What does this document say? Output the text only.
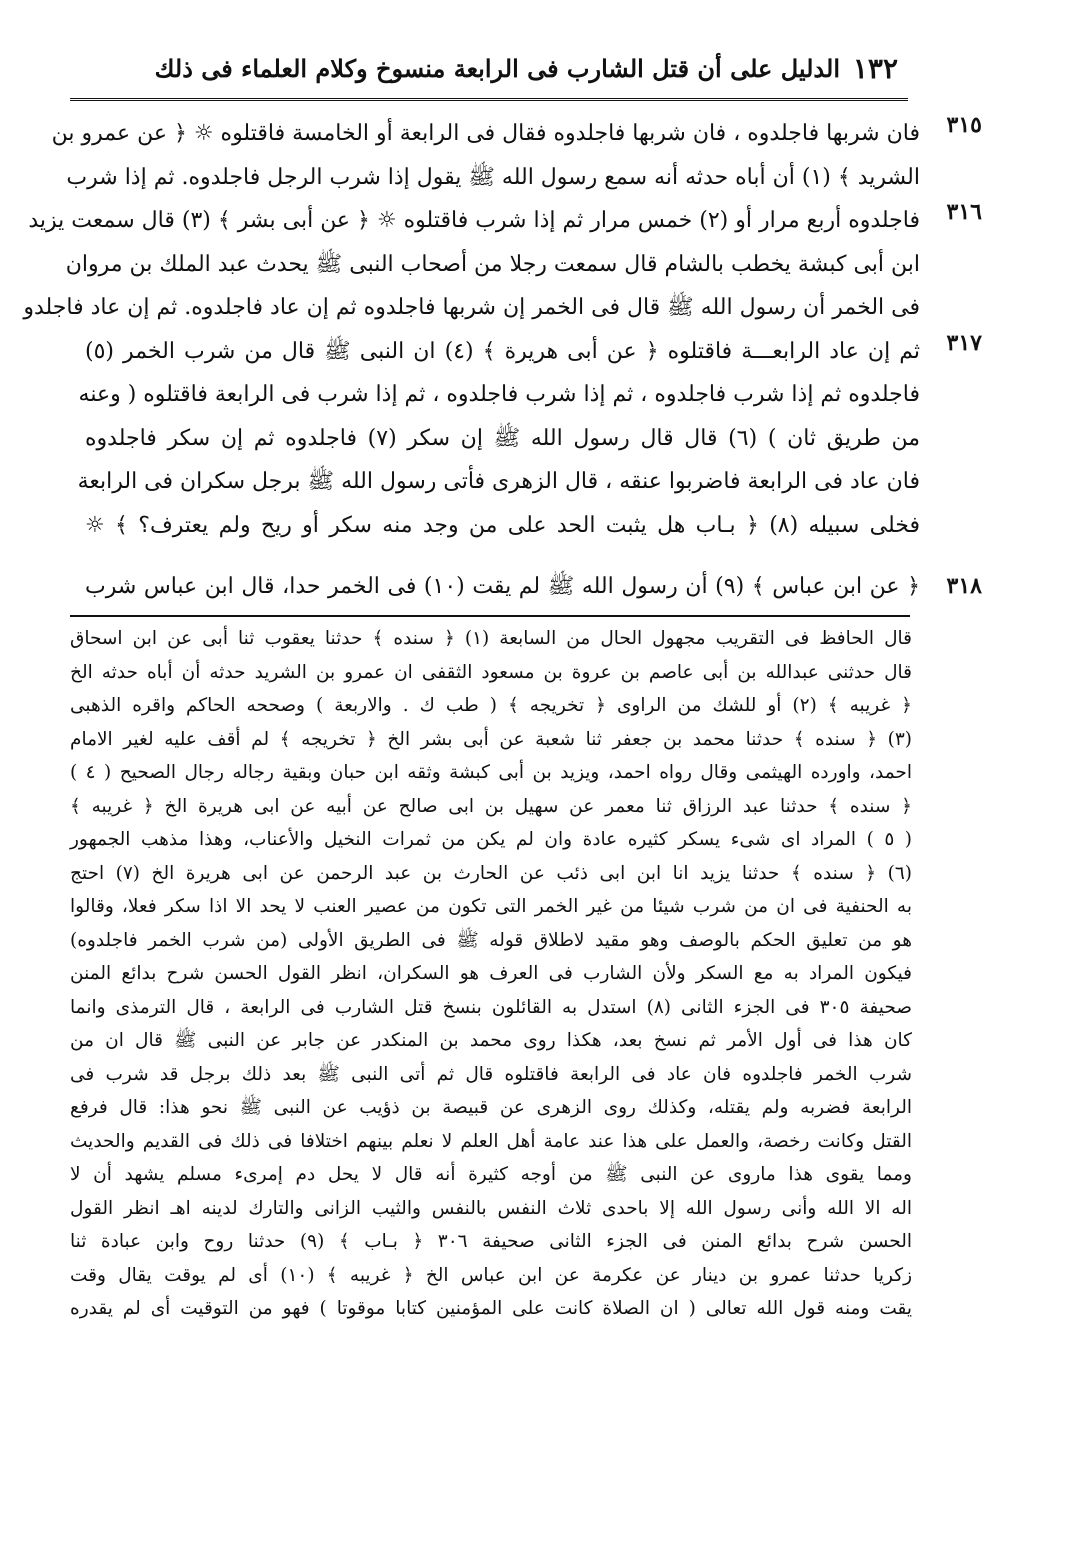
١٣٢
الدليل على أن قتل الشارب فى الرابعة منسوخ وكلام العلماء فى ذلك
٣١٥
٣١٦
٣١٧
٣١٨
فان شربها فاجلدوه ، فان شربها فاجلدوه فقال فى الرابعة أو الخامسة فاقتلوه ☼ ﴿ عن عمرو بن
الشريد ﴾ (١) أن أباه حدثه أنه سمع رسول الله ﷺ يقول إذا شرب الرجل فاجلدوه. ثم إذا شرب
فاجلدوه أربع مرار أو (٢) خمس مرار ثم إذا شرب فاقتلوه ☼ ﴿ عن أبى بشر ﴾ (٣) قال سمعت يزيد
ابن أبى كبشة يخطب بالشام قال سمعت رجلا من أصحاب النبى ﷺ يحدث عبد الملك بن مروان
فى الخمر أن رسول الله ﷺ قال فى الخمر إن شربها فاجلدوه ثم إن عاد فاجلدوه. ثم إن عاد فاجلدو
ثم إن عاد الرابعـــة فاقتلوه ﴿ عن أبى هريرة ﴾ (٤) ان النبى ﷺ قال من شرب الخمر (٥)
فاجلدوه ثم إذا شرب فاجلدوه ، ثم إذا شرب فاجلدوه ، ثم إذا شرب فى الرابعة فاقتلوه ( وعنه
من طريق ثان ) (٦) قال قال رسول الله ﷺ إن سكر (٧) فاجلدوه ثم إن سكر فاجلدوه
فان عاد فى الرابعة فاضربوا عنقه ، قال الزهرى فأتى رسول الله ﷺ برجل سكران فى الرابعة
فخلى سبيله (٨) ﴿ بـاب هل يثبت الحد على من وجد منه سكر أو ريح ولم يعترف؟ ﴾ ☼
﴿ عن ابن عباس ﴾ (٩) أن رسول الله ﷺ لم يقت (١٠) فى الخمر حدا، قال ابن عباس شرب
قال الحافظ فى التقريب مجهول الحال من السابعة (١) ﴿ سنده ﴾ حدثنا يعقوب ثنا أبى عن ابن اسحاق
قال حدثنى عبدالله بن أبى عاصم بن عروة بن مسعود الثقفى ان عمرو بن الشريد حدثه أن أباه حدثه الخ
﴿ غريبه ﴾ (٢) أو للشك من الراوى ﴿ تخريجه ﴾ ( طب ك . والاربعة ) وصححه الحاكم واقره الذهبى
(٣) ﴿ سنده ﴾ حدثنا محمد بن جعفر ثنا شعبة عن أبى بشر الخ ﴿ تخريجه ﴾ لم أقف عليه لغير الامام
احمد، واورده الهيثمى وقال رواه احمد، ويزيد بن أبى كبشة وثقه ابن حبان وبقية رجاله رجال الصحيح ( ٤ )
﴿ سنده ﴾ حدثنا عبد الرزاق ثنا معمر عن سهيل بن ابى صالح عن أبيه عن ابى هريرة الخ ﴿ غريبه ﴾
( ٥ ) المراد اى شىء يسكر كثيره عادة وان لم يكن من ثمرات النخيل والأعناب، وهذا مذهب الجمهور
(٦) ﴿ سنده ﴾ حدثنا يزيد انا ابن ابى ذئب عن الحارث بن عبد الرحمن عن ابى هريرة الخ (٧) احتج
به الحنفية فى ان من شرب شيئا من غير الخمر التى تكون من عصير العنب لا يحد الا اذا سكر فعلا، وقالوا
هو من تعليق الحكم بالوصف وهو مقيد لاطلاق قوله ﷺ فى الطريق الأولى (من شرب الخمر فاجلدوه)
فيكون المراد به مع السكر ولأن الشارب فى العرف هو السكران، انظر القول الحسن شرح بدائع المنن
صحيفة ٣٠٥ فى الجزء الثانى (٨) استدل به القائلون بنسخ قتل الشارب فى الرابعة ، قال الترمذى وانما
كان هذا فى أول الأمر ثم نسخ بعد، هكذا روى محمد بن المنكدر عن جابر عن النبى ﷺ قال ان من
شرب الخمر فاجلدوه فان عاد فى الرابعة فاقتلوه قال ثم أتى النبى ﷺ بعد ذلك برجل قد شرب فى
الرابعة فضربه ولم يقتله، وكذلك روى الزهرى عن قبيصة بن ذؤيب عن النبى ﷺ نحو هذا: قال فرفع
القتل وكانت رخصة، والعمل على هذا عند عامة أهل العلم لا نعلم بينهم اختلافا فى ذلك فى القديم والحديث
ومما يقوى هذا ماروى عن النبى ﷺ من أوجه كثيرة أنه قال لا يحل دم إمرىء مسلم يشهد أن لا
اله الا الله وأنى رسول الله إلا باحدى ثلاث النفس بالنفس والثيب الزانى والتارك لدينه اهـ انظر القول
الحسن شرح بدائع المنن فى الجزء الثانى صحيفة ٣٠٦ ﴿ بـاب ﴾ (٩) حدثنا روح وابن عبادة ثنا
زكريا حدثنا عمرو بن دينار عن عكرمة عن ابن عباس الخ ﴿ غريبه ﴾ (١٠) أى لم يوقت يقال وقت
يقت ومنه قول الله تعالى ( ان الصلاة كانت على المؤمنين كتابا موقوتا ) فهو من التوقيت أى لم يقدره
